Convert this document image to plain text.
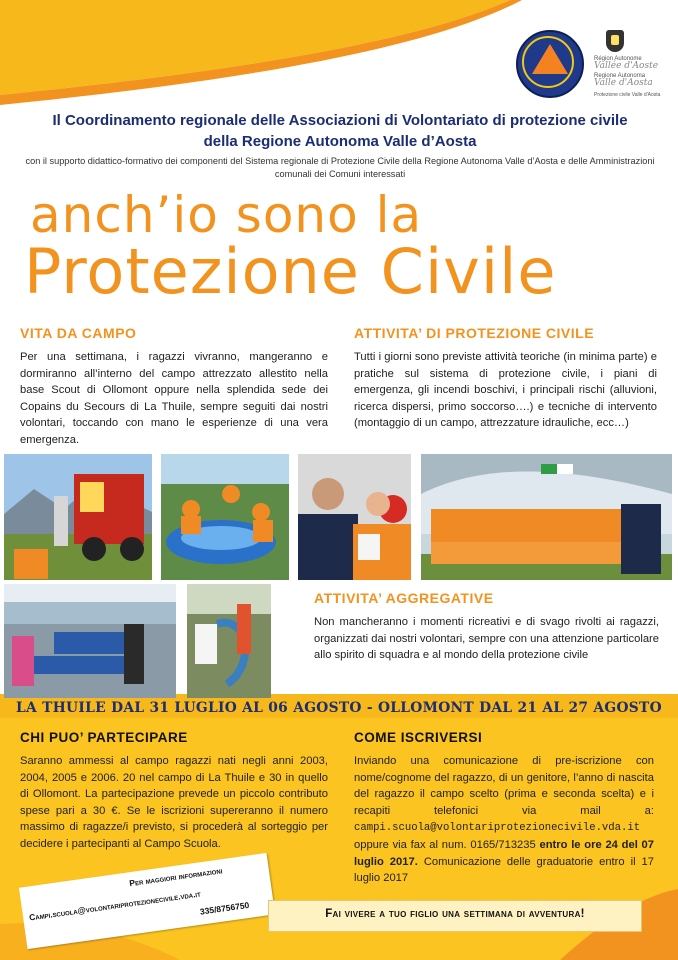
Région Autonome
Vallée d'Aoste
Regione Autonoma
Valle d'Aosta
Protezione civile Valle d'Aosta
Il Coordinamento regionale delle Associazioni di Volontariato di protezione civile della Regione Autonoma Valle d’Aosta
con il supporto didattico-formativo dei componenti del Sistema regionale di Protezione Civile della Regione Autonoma Valle d’Aosta e delle Amministrazioni comunali dei Comuni interessati
anch’io sono la
Protezione Civile
VITA DA CAMPO
Per una settimana, i ragazzi vivranno, mangeranno e dormiranno all’interno del campo attrezzato allestito nella base Scout di Ollomont oppure nella splendida sede dei Copains du Secours di La Thuile, sempre seguiti dai nostri volontari, toccando con mano le esperienze di una vera emergenza.
ATTIVITA’ DI PROTEZIONE CIVILE
Tutti i giorni sono previste attività teoriche (in minima parte) e pratiche sul sistema di protezione civile, i piani di emergenza, gli incendi boschivi, i principali rischi (alluvioni, ricerca dispersi, primo soccorso….) e tecniche di intervento (montaggio di un campo, attrezzature idrauliche, ecc…)
ATTIVITA’ AGGREGATIVE
Non mancheranno i momenti ricreativi e di svago rivolti ai ragazzi, organizzati dai nostri volontari, sempre con una attenzione particolare allo spirito di squadra e al mondo della protezione civile
LA THUILE DAL 31 LUGLIO AL 06 AGOSTO - OLLOMONT DAL 21 AL 27 AGOSTO
CHI PUO’ PARTECIPARE
Saranno ammessi al campo ragazzi nati negli anni 2003, 2004, 2005 e 2006. 20 nel campo di La Thuile e 30 in quello di Ollomont. La partecipazione prevede un piccolo contributo spese pari a 30 €. Se le iscrizioni supereranno il numero massimo di ragazze/i previsto, si procederà al sorteggio per decidere i partecipanti al Campo Scuola.
COME ISCRIVERSI
Inviando una comunicazione di pre-iscrizione con nome/cognome del ragazzo, di un genitore, l’anno di nascita del ragazzo il campo scelto (prima e seconda scelta) e i recapiti telefonici via mail a: campi.scuola@volontariprotezionecivile.vda.it oppure via fax al num. 0165/713235 entro le ore 24 del 07 luglio 2017. Comunicazione delle graduatorie entro il 17 luglio 2017
Per maggiori informazioni
Campi.scuola@volontariprotezionecivile.vda.it
335/8756750	Fai vivere a tuo figlio una settimana di avventura!
